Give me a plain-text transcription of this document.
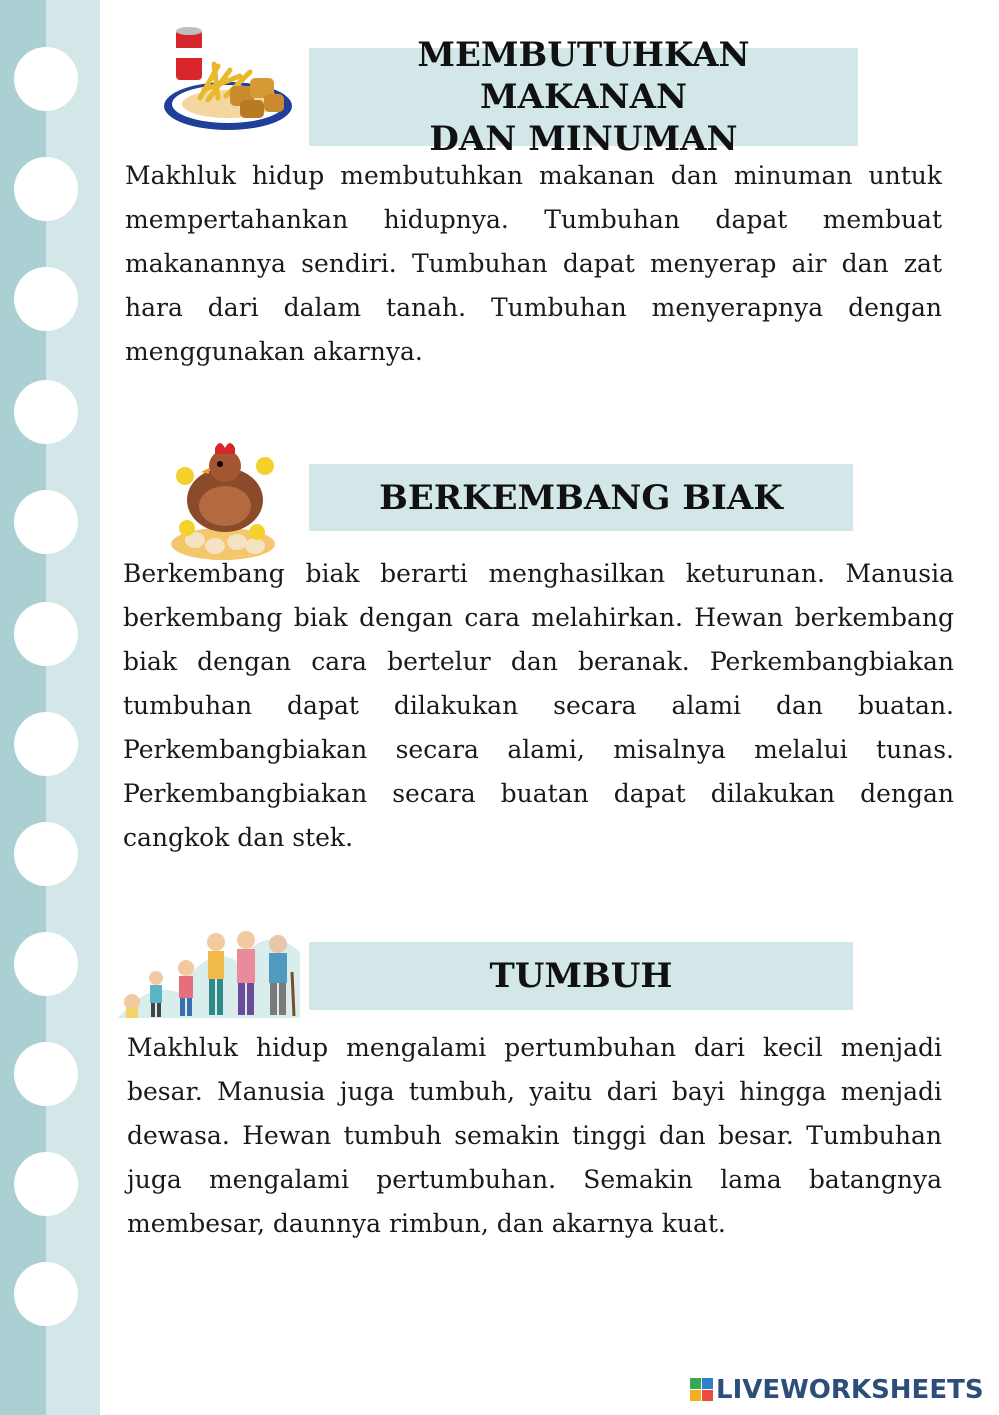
MEMBUTUHKAN MAKANAN
DAN MINUMAN

Makhluk hidup membutuhkan makanan dan minuman untuk mempertahankan hidupnya. Tumbuhan dapat membuat makanannya sendiri. Tumbuhan dapat menyerap air dan zat hara dari dalam tanah. Tumbuhan menyerapnya dengan menggunakan akarnya.

BERKEMBANG BIAK

Berkembang biak berarti menghasilkan keturunan. Manusia berkembang biak dengan cara melahirkan. Hewan berkembang biak dengan cara bertelur dan beranak. Perkembangbiakan tumbuhan dapat dilakukan secara alami dan buatan. Perkembangbiakan secara alami, misalnya melalui tunas. Perkembangbiakan secara buatan dapat dilakukan dengan cangkok dan stek.

TUMBUH

Makhluk hidup mengalami pertumbuhan dari kecil menjadi besar. Manusia juga tumbuh, yaitu dari bayi hingga menjadi dewasa. Hewan tumbuh semakin tinggi dan besar. Tumbuhan juga mengalami pertumbuhan. Semakin lama batangnya membesar, daunnya rimbun, dan akarnya kuat.

LIVEWORKSHEETS
